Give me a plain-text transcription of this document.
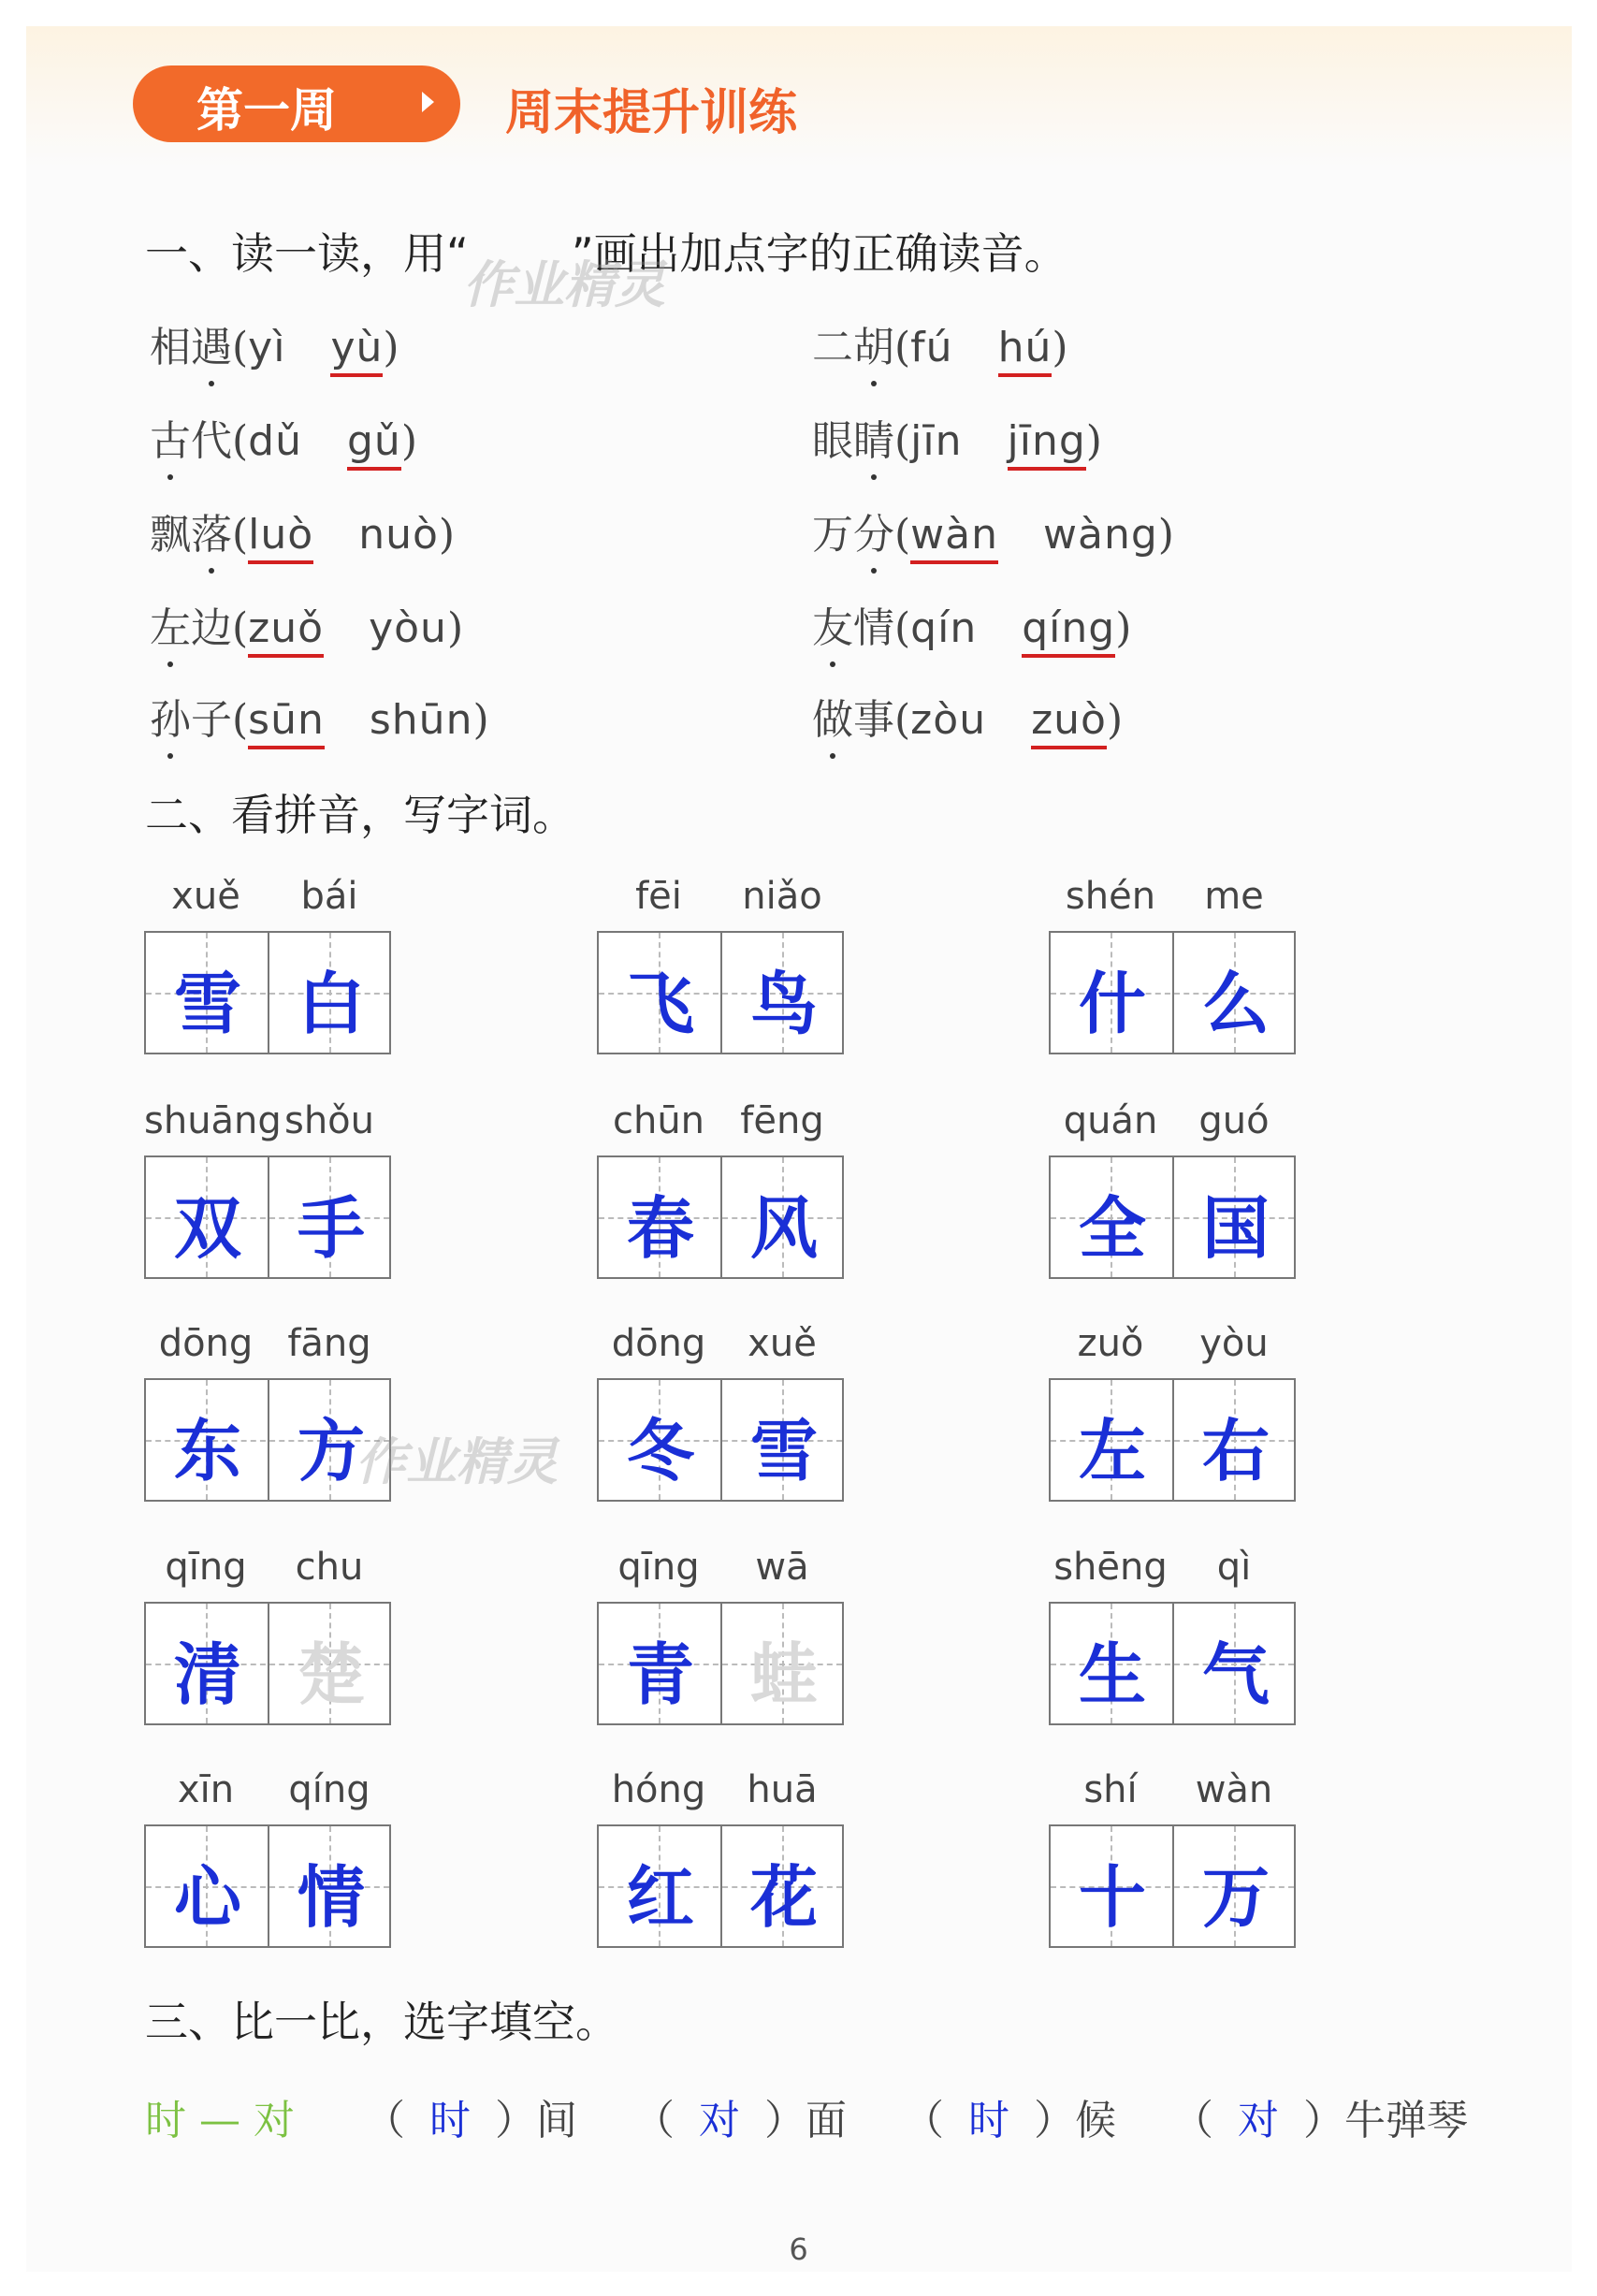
第一周	周末提升训练
一、读一读，用“ ”画出加点字的正确读音。
作业精灵
相遇(yì yù)	二胡(fú hú)
古代(dǔ gǔ)	眼睛(jīn jīng)
飘落(luò nuò)	万分(wàn wàng)
左边(zuǒ yòu)	友情(qín qíng)
孙子(sūn shūn)	做事(zòu zuò)
二、看拼音，写字词。
xuě	bái
雪 白
fēi	niǎo
飞 鸟
shén	me
什 么
shuāng shǒu
双 手
chūn fēng
春 风
quán	guó
全 国
dōng fāng
东 方
dōng	xuě
冬 雪
zuǒ	yòu
左 右
qīng	chu
清 楚
qīng	wā
青 蛙
shēng	qì
生 气
xīn	qíng
心 情
hóng	huā
红 花
shí	wàn
十 万
作业精灵
三、比一比，选字填空。
时 — 对 （ 时 ）间 （ 对 ）面 （ 时 ）候 （ 对 ）牛弹琴
6
